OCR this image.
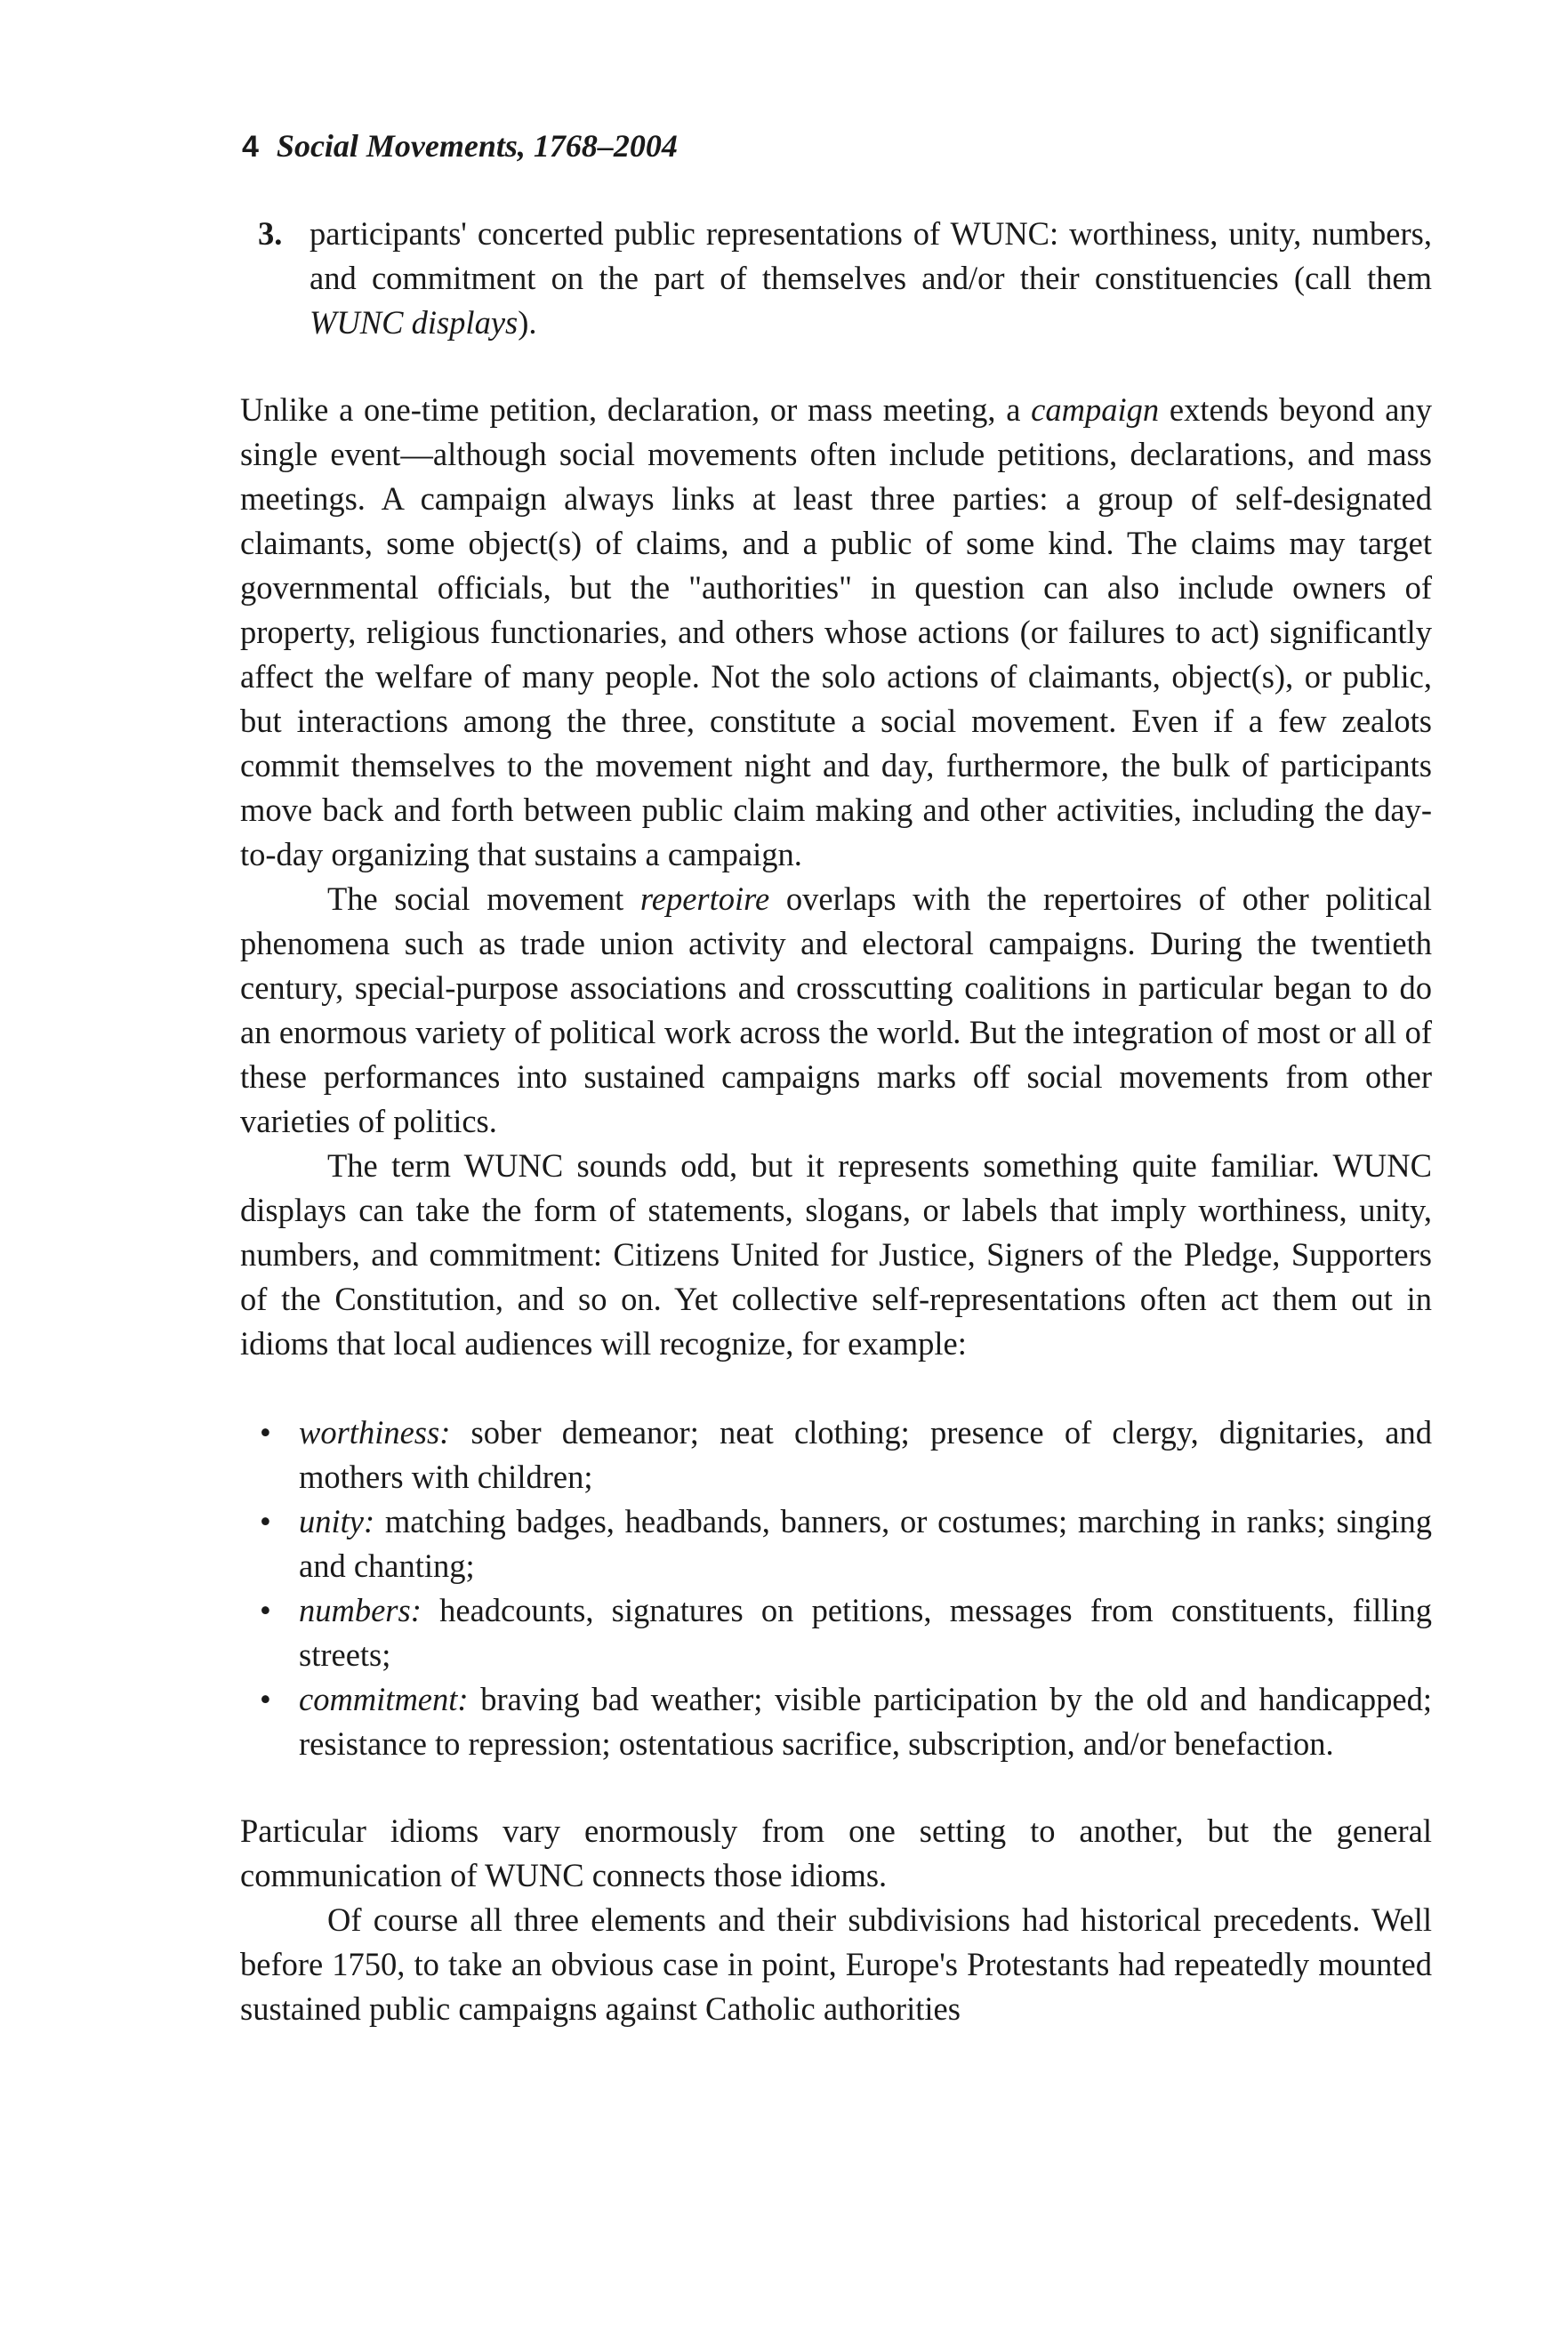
4 Social Movements, 1768–2004
3. participants' concerted public representations of WUNC: worthiness, unity, numbers, and commitment on the part of themselves and/or their constituencies (call them WUNC displays).

Unlike a one-time petition, declaration, or mass meeting, a campaign extends beyond any single event—although social movements often include petitions, declarations, and mass meetings. A campaign always links at least three parties: a group of self-designated claimants, some object(s) of claims, and a public of some kind. The claims may target governmental officials, but the "authorities" in question can also include owners of property, religious functionaries, and others whose actions (or failures to act) significantly affect the welfare of many people. Not the solo actions of claimants, object(s), or public, but interactions among the three, constitute a social movement. Even if a few zealots commit themselves to the movement night and day, furthermore, the bulk of participants move back and forth between public claim making and other activities, including the day-to-day organizing that sustains a campaign.

The social movement repertoire overlaps with the repertoires of other political phenomena such as trade union activity and electoral campaigns. During the twentieth century, special-purpose associations and crosscutting coalitions in particular began to do an enormous variety of political work across the world. But the integration of most or all of these performances into sustained campaigns marks off social movements from other varieties of politics.

The term WUNC sounds odd, but it represents something quite familiar. WUNC displays can take the form of statements, slogans, or labels that imply worthiness, unity, numbers, and commitment: Citizens United for Justice, Signers of the Pledge, Supporters of the Constitution, and so on. Yet collective self-representations often act them out in idioms that local audiences will recognize, for example:

• worthiness: sober demeanor; neat clothing; presence of clergy, dignitaries, and mothers with children;
• unity: matching badges, headbands, banners, or costumes; marching in ranks; singing and chanting;
• numbers: headcounts, signatures on petitions, messages from constituents, filling streets;
• commitment: braving bad weather; visible participation by the old and handicapped; resistance to repression; ostentatious sacrifice, subscription, and/or benefaction.

Particular idioms vary enormously from one setting to another, but the general communication of WUNC connects those idioms.

Of course all three elements and their subdivisions had historical precedents. Well before 1750, to take an obvious case in point, Europe's Protestants had repeatedly mounted sustained public campaigns against Catholic authorities
